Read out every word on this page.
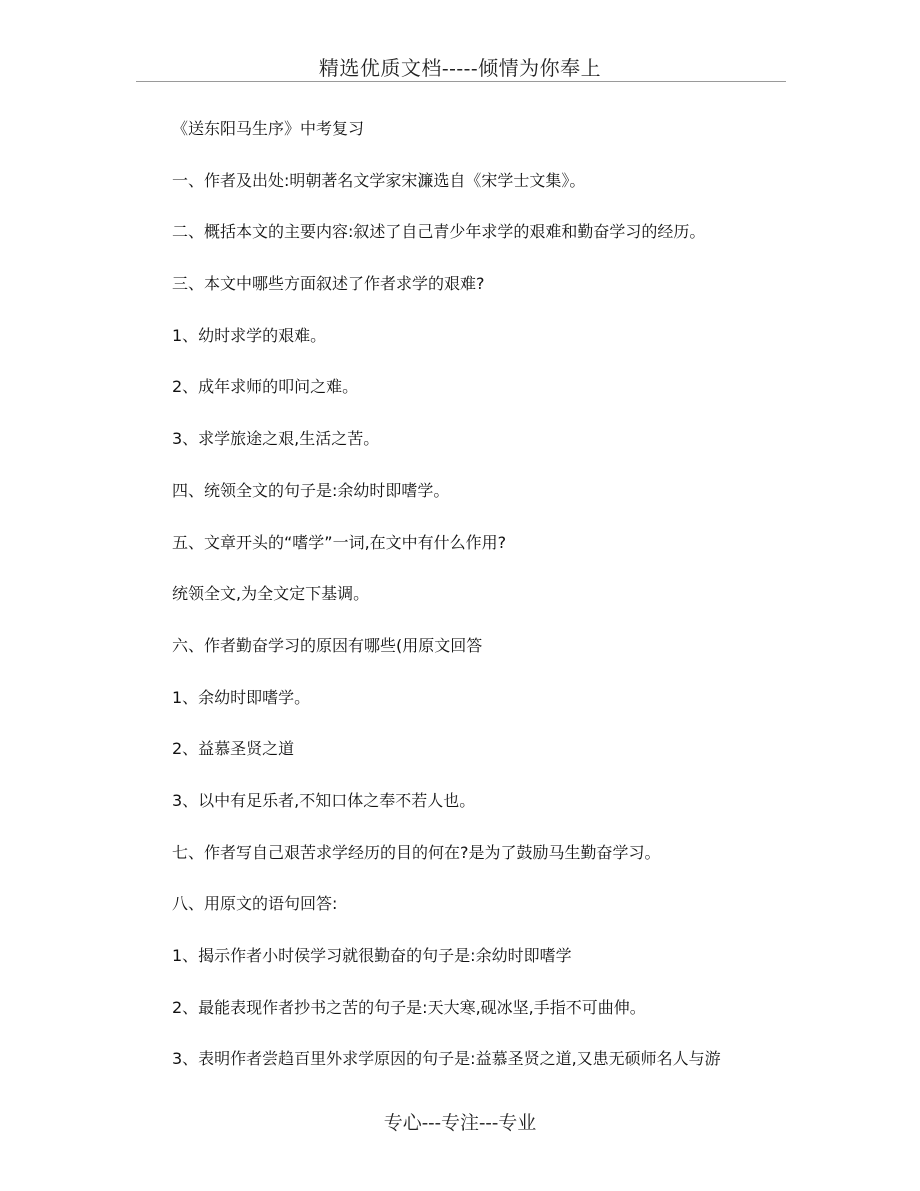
精选优质文档-----倾情为你奉上
《送东阳马生序》中考复习
一、作者及出处:明朝著名文学家宋濂选自《宋学士文集》。
二、概括本文的主要内容:叙述了自己青少年求学的艰难和勤奋学习的经历。
三、本文中哪些方面叙述了作者求学的艰难?
1、幼时求学的艰难。
2、成年求师的叩问之难。
3、求学旅途之艰,生活之苦。
四、统领全文的句子是:余幼时即嗜学。
五、文章开头的“嗜学”一词,在文中有什么作用?
统领全文,为全文定下基调。
六、作者勤奋学习的原因有哪些(用原文回答
1、余幼时即嗜学。
2、益慕圣贤之道
3、以中有足乐者,不知口体之奉不若人也。
七、作者写自己艰苦求学经历的目的何在?是为了鼓励马生勤奋学习。
八、用原文的语句回答:
1、揭示作者小时侯学习就很勤奋的句子是:余幼时即嗜学
2、最能表现作者抄书之苦的句子是:天大寒,砚冰坚,手指不可曲伸。
3、表明作者尝趋百里外求学原因的句子是:益慕圣贤之道,又患无硕师名人与游
专心---专注---专业
